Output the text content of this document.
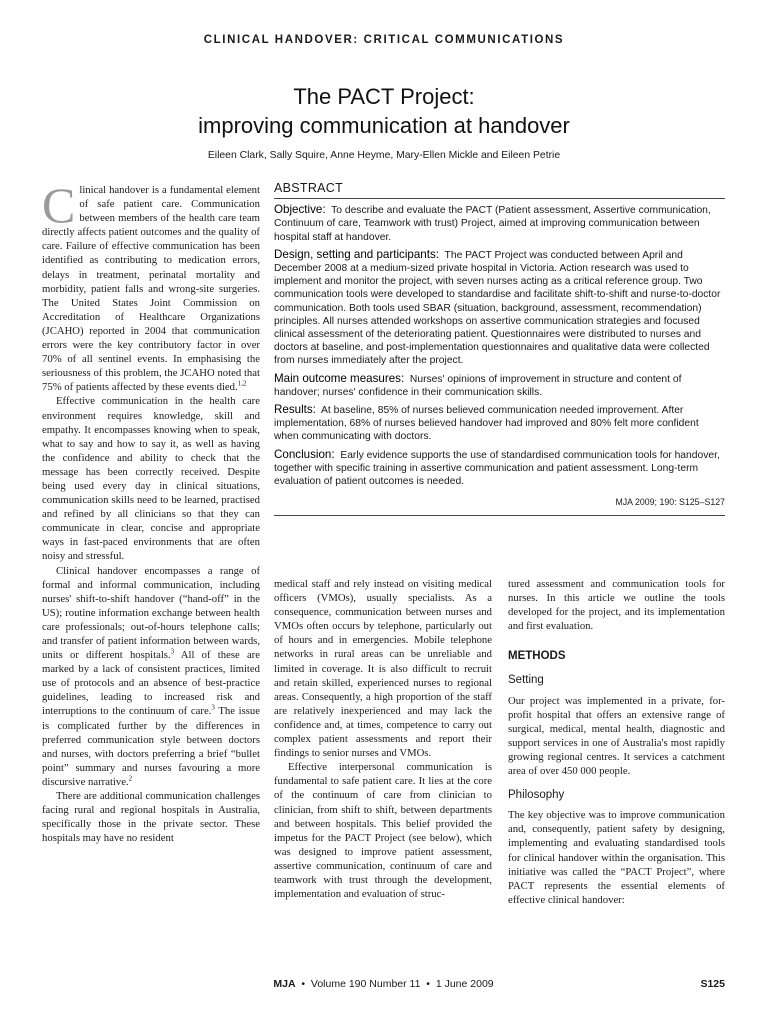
CLINICAL HANDOVER: CRITICAL COMMUNICATIONS
The PACT Project:
improving communication at handover
Eileen Clark, Sally Squire, Anne Heyme, Mary-Ellen Mickle and Eileen Petrie

Clinical handover is a fundamental element of safe patient care. Communication between members of the health care team directly affects patient outcomes and the quality of care. Failure of effective communication has been identified as contributing to medication errors, delays in treatment, perinatal mortality and morbidity, patient falls and wrong-site surgeries. The United States Joint Commission on Accreditation of Healthcare Organizations (JCAHO) reported in 2004 that communication errors were the key contributory factor in over 70% of all sentinel events. In emphasising the seriousness of this problem, the JCAHO noted that 75% of patients affected by these events died.$^{1,2}$

Effective communication in the health care environment requires knowledge, skill and empathy. It encompasses knowing when to speak, what to say and how to say it, as well as having the confidence and ability to check that the message has been correctly received. Despite being used every day in clinical situations, communication skills need to be learned, practised and refined by all clinicians so that they can communicate in clear, concise and appropriate ways in fast-paced environments that are often noisy and stressful.

Clinical handover encompasses a range of formal and informal communication, including nurses' shift-to-shift handover (“hand-off” in the US); routine information exchange between health care professionals; out-of-hours telephone calls; and transfer of patient information between wards, units or different hospitals.$^3$ All of these are marked by a lack of consistent practices, limited use of protocols and an absence of best-practice guidelines, leading to increased risk and interruptions to the continuum of care.$^3$ The issue is complicated further by the differences in preferred communication style between doctors and nurses, with doctors preferring a brief “bullet point” summary and nurses favouring a more discursive narrative.$^2$

There are additional communication challenges facing rural and regional hospitals in Australia, specifically those in the private sector. These hospitals may have no resident

ABSTRACT

Objective: To describe and evaluate the PACT (Patient assessment, Assertive communication, Continuum of care, Teamwork with trust) Project, aimed at improving communication between hospital staff at handover.

Design, setting and participants: The PACT Project was conducted between April and December 2008 at a medium-sized private hospital in Victoria. Action research was used to implement and monitor the project, with seven nurses acting as a critical reference group. Two communication tools were developed to standardise and facilitate shift-to-shift and nurse-to-doctor communication. Both tools used SBAR (situation, background, assessment, recommendation) principles. All nurses attended workshops on assertive communication strategies and focused clinical assessment of the deteriorating patient. Questionnaires were distributed to nurses and doctors at baseline, and post-implementation questionnaires and qualitative data were collected from nurses immediately after the project.

Main outcome measures: Nurses' opinions of improvement in structure and content of handover; nurses' confidence in their communication skills.

Results: At baseline, 85% of nurses believed communication needed improvement. After implementation, 68% of nurses believed handover had improved and 80% felt more confident when communicating with doctors.

Conclusion: Early evidence supports the use of standardised communication tools for handover, together with specific training in assertive communication and patient assessment. Long-term evaluation of patient outcomes is needed.

MJA 2009; 190: S125–S127

medical staff and rely instead on visiting medical officers (VMOs), usually specialists. As a consequence, communication between nurses and VMOs often occurs by telephone, particularly out of hours and in emergencies. Mobile telephone networks in rural areas can be unreliable and limited in coverage. It is also difficult to recruit and retain skilled, experienced nurses to regional areas. Consequently, a high proportion of the staff are relatively inexperienced and may lack the confidence and, at times, competence to carry out complex patient assessments and report their findings to senior nurses and VMOs.

Effective interpersonal communication is fundamental to safe patient care. It lies at the core of the continuum of care from clinician to clinician, from shift to shift, between departments and between hospitals. This belief provided the impetus for the PACT Project (see below), which was designed to improve patient assessment, assertive communication, continuum of care and teamwork with trust through the development, implementation and evaluation of struc-

tured assessment and communication tools for nurses. In this article we outline the tools developed for the project, and its implementation and first evaluation.

METHODS
Setting

Our project was implemented in a private, for-profit hospital that offers an extensive range of surgical, medical, mental health, diagnostic and support services in one of Australia's most rapidly growing regional centres. It services a catchment area of over 450 000 people.

Philosophy

The key objective was to improve communication and, consequently, patient safety by designing, implementing and evaluating standardised tools for clinical handover within the organisation. This initiative was called the “PACT Project”, where PACT represents the essential elements of effective clinical handover:

MJA • Volume 190 Number 11 • 1 June 2009	S125
